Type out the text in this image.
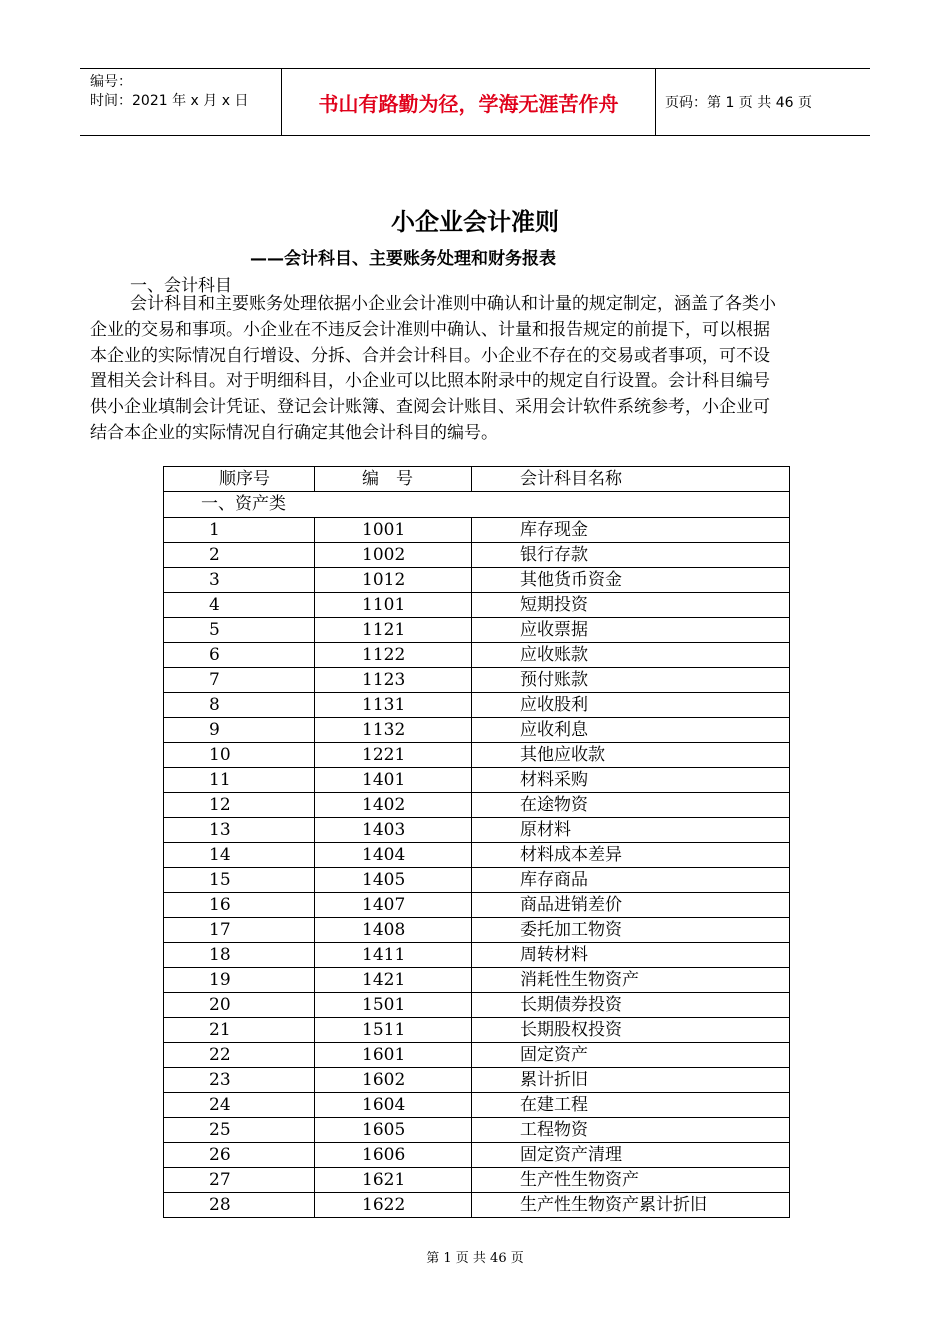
编号：
时间：2021 年 x 月 x 日	书山有路勤为径，学海无涯苦作舟	页码：第 1 页 共 46 页
小企业会计准则
——会计科目、主要账务处理和财务报表
一、会计科目

会计科目和主要账务处理依据小企业会计准则中确认和计量的规定制定，涵盖了各类小
企业的交易和事项。小企业在不违反会计准则中确认、计量和报告规定的前提下，可以根据
本企业的实际情况自行增设、分拆、合并会计科目。小企业不存在的交易或者事项，可不设
置相关会计科目。对于明细科目，小企业可以比照本附录中的规定自行设置。会计科目编号
供小企业填制会计凭证、登记会计账簿、查阅会计账目、采用会计软件系统参考，小企业可
结合本企业的实际情况自行确定其他会计科目的编号。

顺序号	编　号	会计科目名称
一、资产类		
1	1001	库存现金
2	1002	银行存款
3	1012	其他货币资金
4	1101	短期投资
5	1121	应收票据
6	1122	应收账款
7	1123	预付账款
8	1131	应收股利
9	1132	应收利息
10	1221	其他应收款
11	1401	材料采购
12	1402	在途物资
13	1403	原材料
14	1404	材料成本差异
15	1405	库存商品
16	1407	商品进销差价
17	1408	委托加工物资
18	1411	周转材料
19	1421	消耗性生物资产
20	1501	长期债券投资
21	1511	长期股权投资
22	1601	固定资产
23	1602	累计折旧
24	1604	在建工程
25	1605	工程物资
26	1606	固定资产清理
27	1621	生产性生物资产
28	1622	生产性生物资产累计折旧
第 1 页 共 46 页
